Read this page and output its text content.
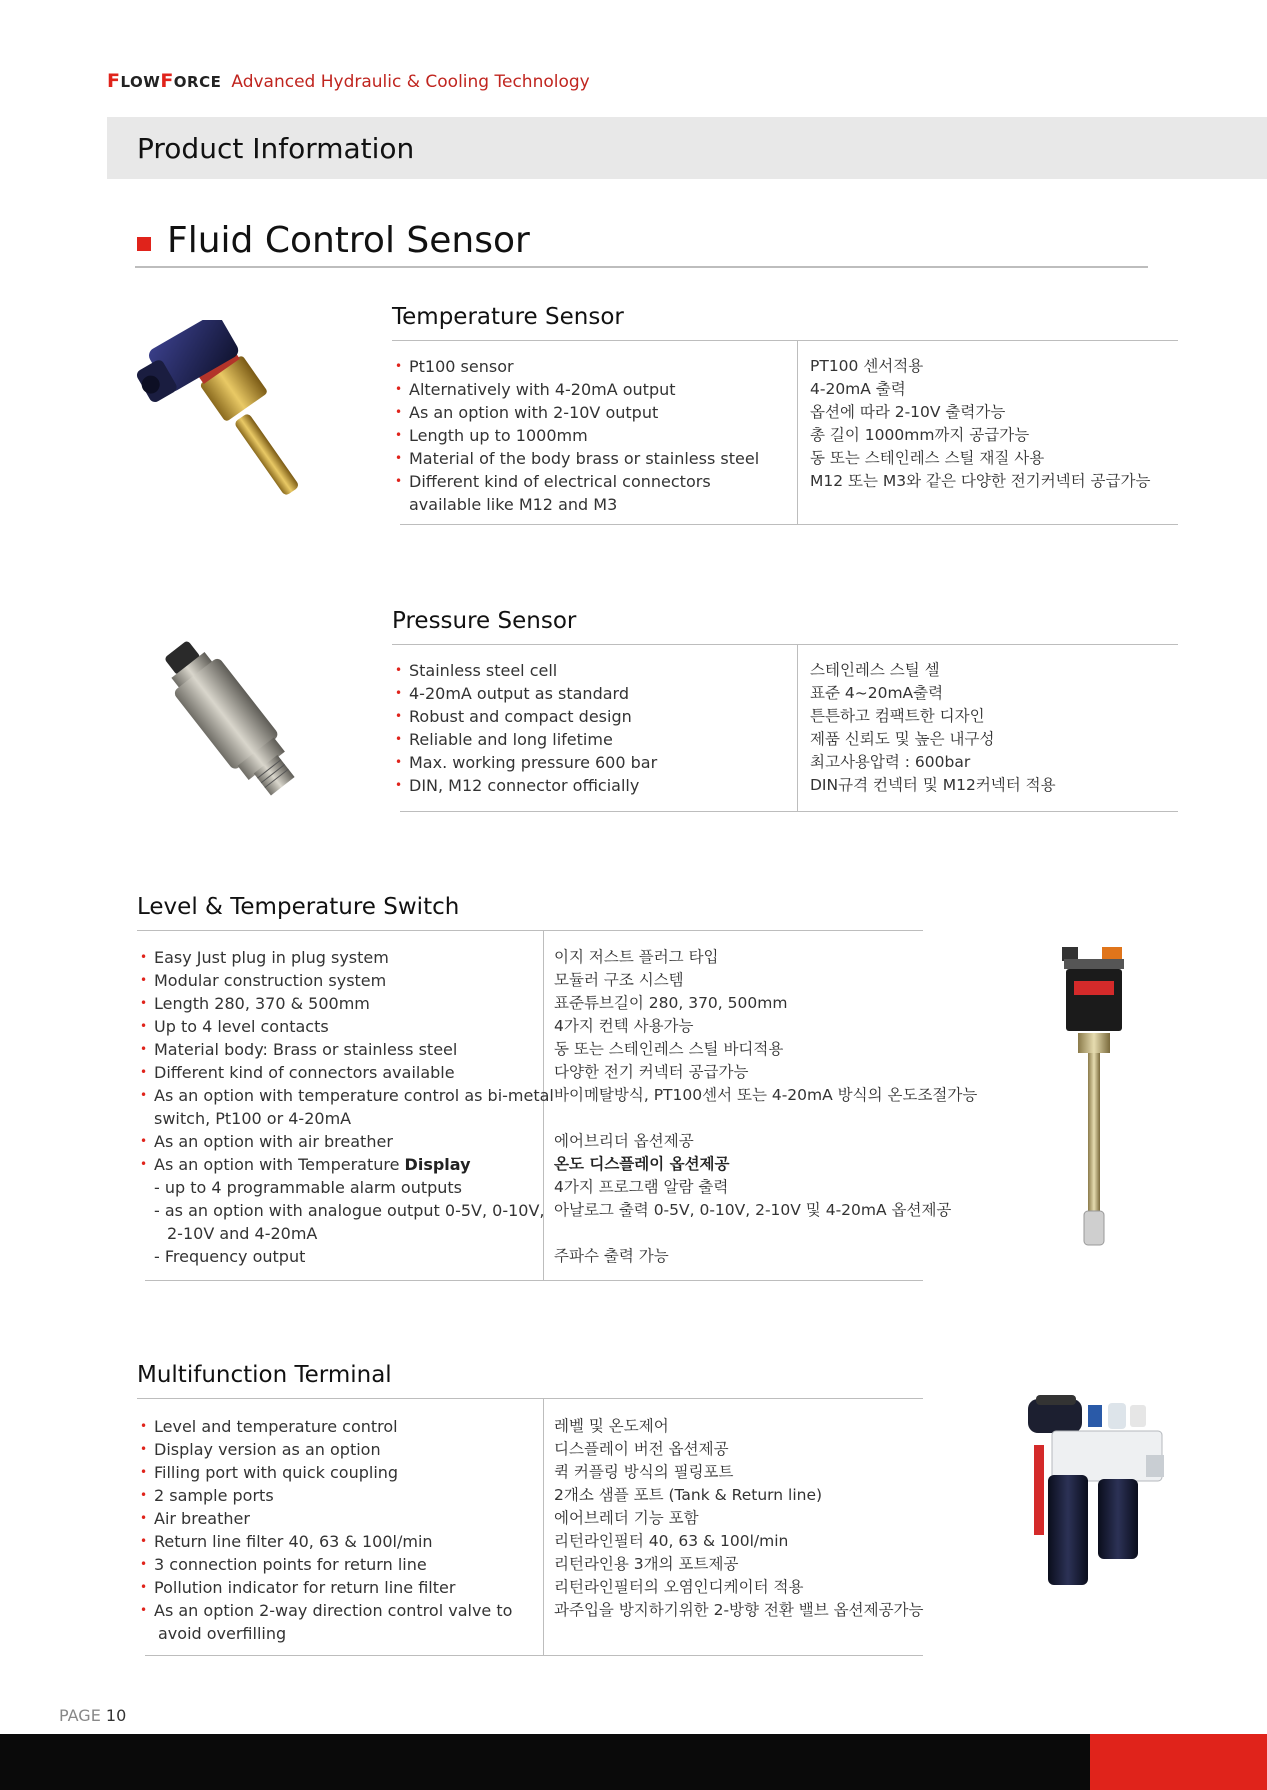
FLOWFORCE Advanced Hydraulic & Cooling Technology
Product Information
Fluid Control Sensor
Temperature Sensor
• Pt100 sensor
• Alternatively with 4-20mA output
• As an option with 2-10V output
• Length up to 1000mm
• Material of the body brass or stainless steel
• Different kind of electrical connectors
available like M12 and M3
PT100 센서적용
4-20mA 출력
옵션에 따라 2-10V 출력가능
총 길이 1000mm까지 공급가능
동 또는 스테인레스 스틸 재질 사용
M12 또는 M3와 같은 다양한 전기커넥터 공급가능
Pressure Sensor
• Stainless steel cell
• 4-20mA output as standard
• Robust and compact design
• Reliable and long lifetime
• Max. working pressure 600 bar
• DIN, M12 connector officially
스테인레스 스틸 셀
표준 4~20mA출력
튼튼하고 컴팩트한 디자인
제품 신뢰도 및 높은 내구성
최고사용압력 : 600bar
DIN규격 컨넥터 및 M12커넥터 적용
Level & Temperature Switch
• Easy Just plug in plug system
• Modular construction system
• Length 280, 370 & 500mm
• Up to 4 level contacts
• Material body: Brass or stainless steel
• Different kind of connectors available
• As an option with temperature control as bi-metal
switch, Pt100 or 4-20mA
• As an option with air breather
• As an option with Temperature Display
- up to 4 programmable alarm outputs
- as an option with analogue output 0-5V, 0-10V,
2-10V and 4-20mA
- Frequency output
이지 저스트 플러그 타입
모듈러 구조 시스템
표준튜브길이 280, 370, 500mm
4가지 컨텍 사용가능
동 또는 스테인레스 스틸 바디적용
다양한 전기 커넥터 공급가능
바이메탈방식, PT100센서 또는 4-20mA 방식의 온도조절가능
에어브리더 옵션제공
온도 디스플레이 옵션제공
4가지 프로그램 알람 출력
아날로그 출력 0-5V, 0-10V, 2-10V 및 4-20mA 옵션제공
주파수 출력 가능
Multifunction Terminal
• Level and temperature control
• Display version as an option
• Filling port with quick coupling
• 2 sample ports
• Air breather
• Return line filter 40, 63 & 100l/min
• 3 connection points for return line
• Pollution indicator for return line filter
• As an option 2-way direction control valve to
avoid overfilling
레벨 및 온도제어
디스플레이 버전 옵션제공
퀵 커플링 방식의 필링포트
2개소 샘플 포트 (Tank & Return line)
에어브레더 기능 포함
리턴라인필터 40, 63 & 100l/min
리턴라인용 3개의 포트제공
리턴라인필터의 오염인디케이터 적용
과주입을 방지하기위한 2-방향 전환 밸브 옵션제공가능
PAGE 10
